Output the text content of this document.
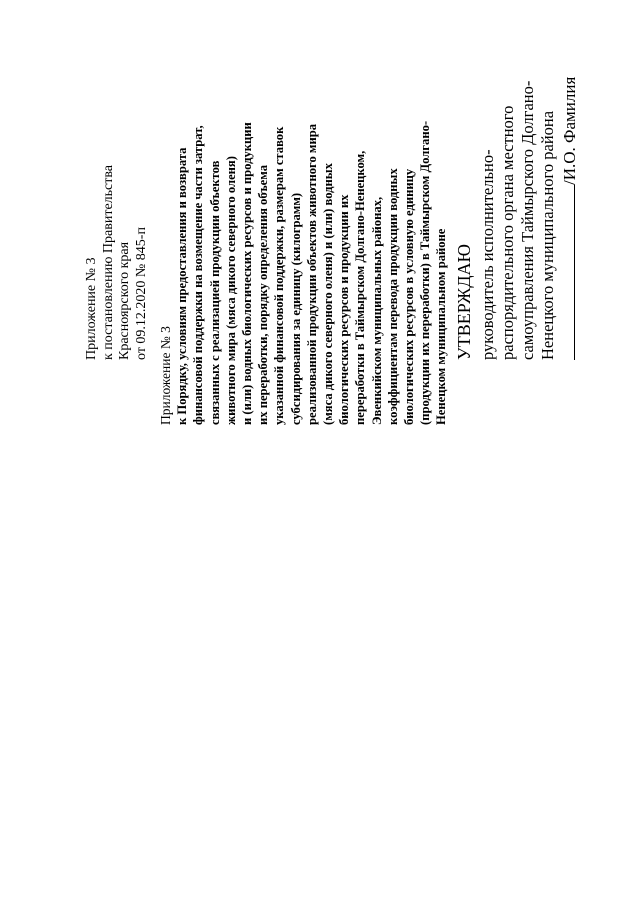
Приложение № 3 к постановлению Правительства Красноярского края от 09.12.2020 № 845-п

Приложение № 3 к Порядку, условиям предоставления и возврата финансовой поддержки на возмещение части затрат, связанных с реализацией продукции объектов животного мира (мяса дикого северного оленя) и (или) водных биологических ресурсов и продукции их переработки, порядку определения объема указанной финансовой поддержки, размерам ставок субсидирования за единицу (килограмм) реализованной продукции объектов животного мира (мяса дикого северного оленя) и (или) водных биологических ресурсов и продукции их переработки в Таймырском Долгано-Ненецком, Эвенкийском муниципальных районах, коэффициентам перевода продукции водных биологических ресурсов в условную единицу (продукции их переработки) в Таймырском Долгано- Ненецком муниципальном районе УТВЕРЖДАЮ руководитель исполнительно- распорядительного органа местного самоуправления Таймырского Долгано- Ненецкого муниципального района /И.О. Фамилия
